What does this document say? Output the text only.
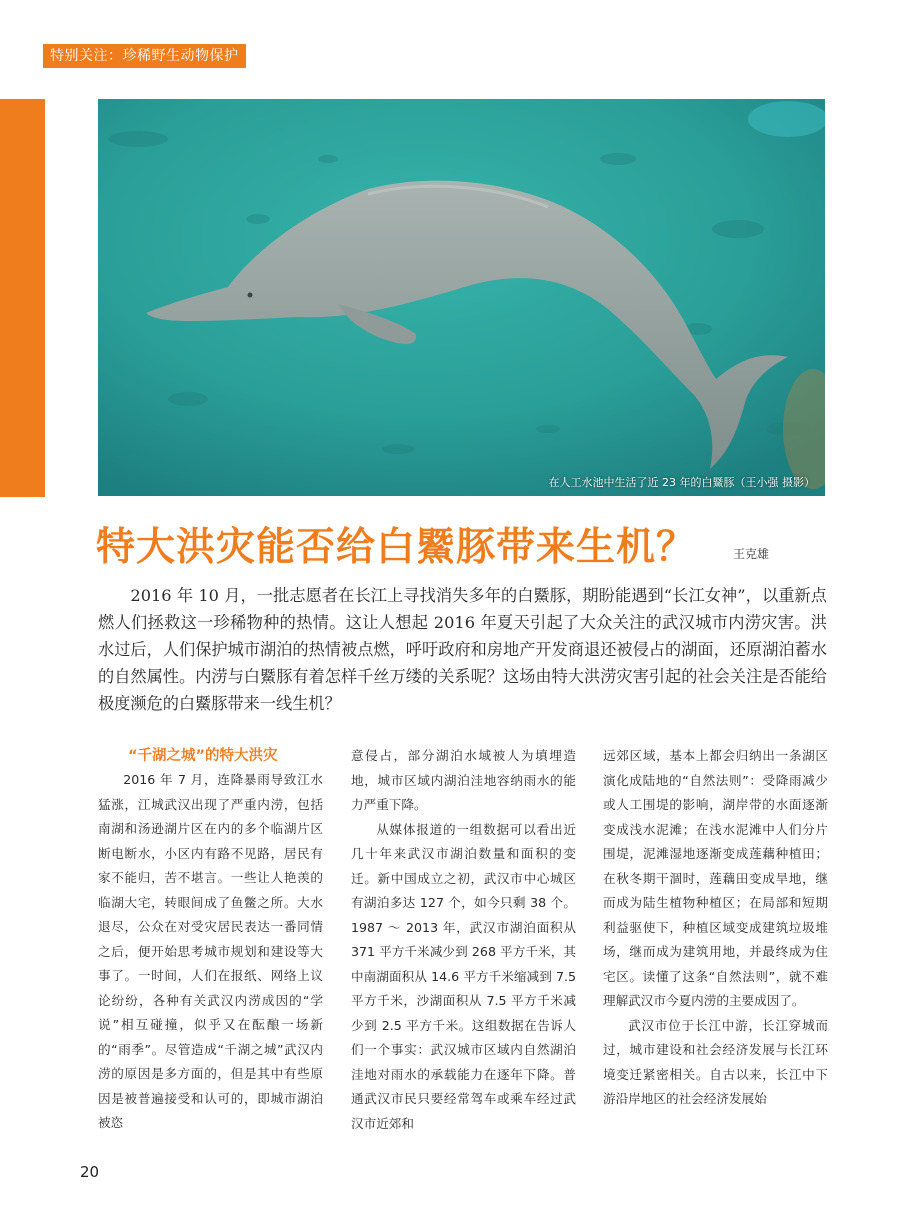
特别关注：珍稀野生动物保护
在人工水池中生活了近 23 年的白鱀豚（王小强 摄影）
特大洪灾能否给白鱀豚带来生机？	王克雄

2016 年 10 月，一批志愿者在长江上寻找消失多年的白鱀豚，期盼能遇到“长江女神”，以重新点燃人们拯救这一珍稀物种的热情。这让人想起 2016 年夏天引起了大众关注的武汉城市内涝灾害。洪水过后，人们保护城市湖泊的热情被点燃，呼吁政府和房地产开发商退还被侵占的湖面，还原湖泊蓄水的自然属性。内涝与白鱀豚有着怎样千丝万缕的关系呢？这场由特大洪涝灾害引起的社会关注是否能给极度濒危的白鱀豚带来一线生机？

“千湖之城”的特大洪灾

2016 年 7 月，连降暴雨导致江水猛涨，江城武汉出现了严重内涝，包括南湖和汤逊湖片区在内的多个临湖片区断电断水，小区内有路不见路，居民有家不能归，苦不堪言。一些让人艳羡的临湖大宅，转眼间成了鱼鳖之所。大水退尽，公众在对受灾居民表达一番同情之后，便开始思考城市规划和建设等大事了。一时间，人们在报纸、网络上议论纷纷，各种有关武汉内涝成因的“学说”相互碰撞，似乎又在酝酿一场新的“雨季”。尽管造成“千湖之城”武汉内涝的原因是多方面的，但是其中有些原因是被普遍接受和认可的，即城市湖泊被恣

意侵占，部分湖泊水域被人为填埋造地，城市区域内湖泊洼地容纳雨水的能力严重下降。

从媒体报道的一组数据可以看出近几十年来武汉市湖泊数量和面积的变迁。新中国成立之初，武汉市中心城区有湖泊多达 127 个，如今只剩 38 个。1987 ～ 2013 年，武汉市湖泊面积从 371 平方千米减少到 268 平方千米，其中南湖面积从 14.6 平方千米缩减到 7.5 平方千米，沙湖面积从 7.5 平方千米减少到 2.5 平方千米。这组数据在告诉人们一个事实：武汉城市区域内自然湖泊洼地对雨水的承载能力在逐年下降。普通武汉市民只要经常驾车或乘车经过武汉市近郊和

远郊区域，基本上都会归纳出一条湖区演化成陆地的“自然法则”：受降雨减少或人工围堤的影响，湖岸带的水面逐渐变成浅水泥滩；在浅水泥滩中人们分片围堤，泥滩湿地逐渐变成莲藕种植田；在秋冬期干涸时，莲藕田变成旱地，继而成为陆生植物种植区；在局部和短期利益驱使下，种植区域变成建筑垃圾堆场，继而成为建筑用地，并最终成为住宅区。读懂了这条“自然法则”，就不难理解武汉市今夏内涝的主要成因了。

武汉市位于长江中游，长江穿城而过，城市建设和社会经济发展与长江环境变迁紧密相关。自古以来，长江中下游沿岸地区的社会经济发展始

20
